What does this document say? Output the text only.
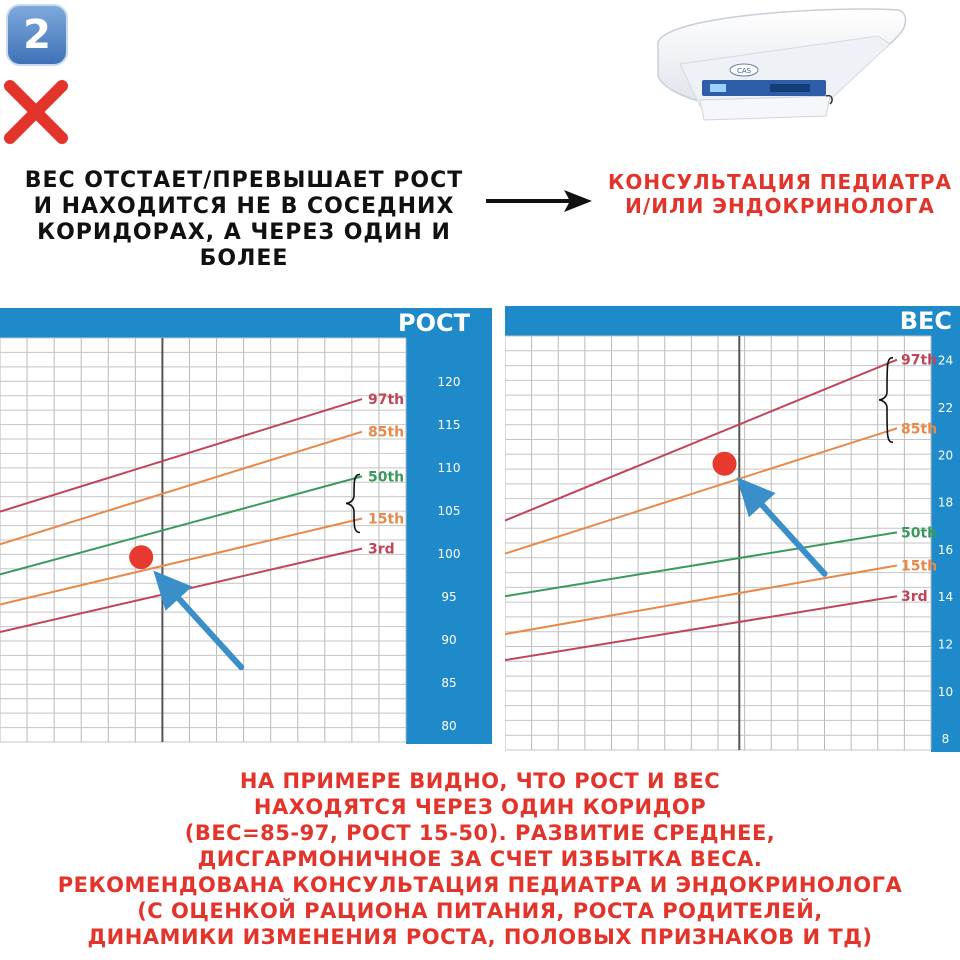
2
CAS
ВЕС ОТСТАЕТ/ПРЕВЫШАЕТ РОСТ
И НАХОДИТСЯ НЕ В СОСЕДНИХ
КОРИДОРАХ, А ЧЕРЕЗ ОДИН И БОЛЕЕ
КОНСУЛЬТАЦИЯ ПЕДИАТРА
И/ИЛИ ЭНДОКРИНОЛОГА
РОСТ
120
115
110
105
100
95
90
85
80
97th
85th
50th
15th
3rd
ВЕС
24
22
20
18
16
14
12
10
8
97th
85th
50th
15th
3rd
НА ПРИМЕРЕ ВИДНО, ЧТО РОСТ И ВЕС
НАХОДЯТСЯ ЧЕРЕЗ ОДИН КОРИДОР
(ВЕС=85-97, РОСТ 15-50). РАЗВИТИЕ СРЕДНЕЕ,
ДИСГАРМОНИЧНОЕ ЗА СЧЕТ ИЗБЫТКА ВЕСА.
РЕКОМЕНДОВАНА КОНСУЛЬТАЦИЯ ПЕДИАТРА И ЭНДОКРИНОЛОГА
(С ОЦЕНКОЙ РАЦИОНА ПИТАНИЯ, РОСТА РОДИТЕЛЕЙ,
ДИНАМИКИ ИЗМЕНЕНИЯ РОСТА, ПОЛОВЫХ ПРИЗНАКОВ И ТД)
